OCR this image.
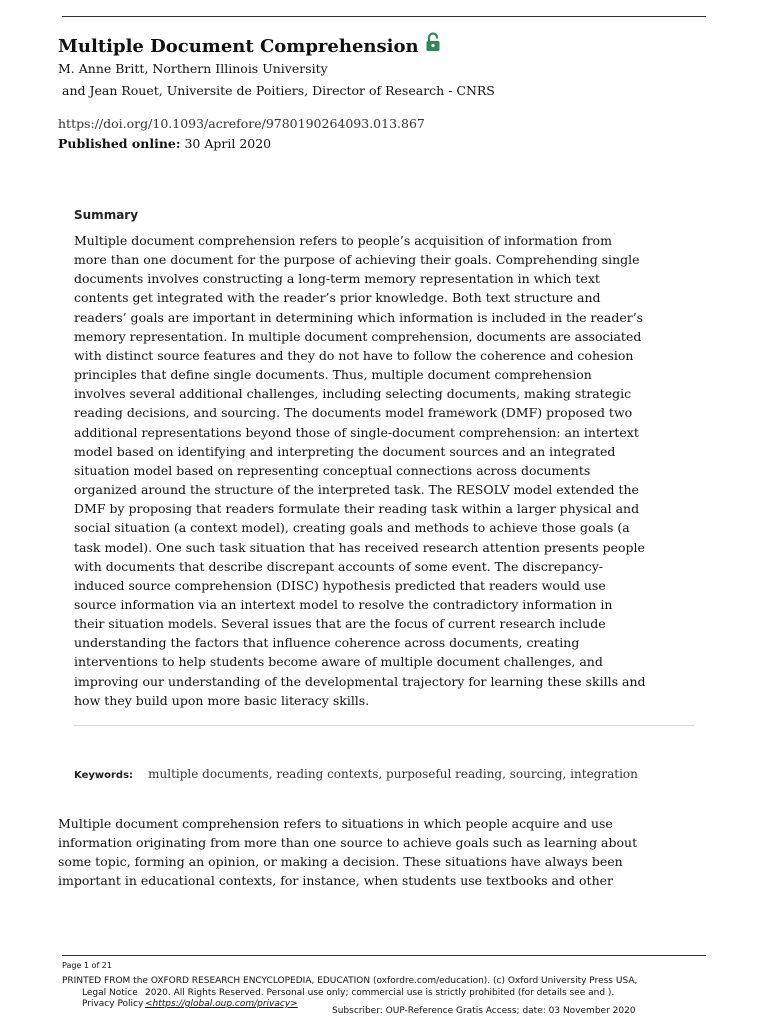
Multiple Document Comprehension
M. Anne Britt, Northern Illinois University
and Jean Rouet, Universite de Poitiers, Director of Research - CNRS
https://doi.org/10.1093/acrefore/9780190264093.013.867
Published online: 30 April 2020
Summary
Multiple document comprehension refers to people’s acquisition of information from
more than one document for the purpose of achieving their goals. Comprehending single
documents involves constructing a long-term memory representation in which text
contents get integrated with the reader’s prior knowledge. Both text structure and
readers’ goals are important in determining which information is included in the reader’s
memory representation. In multiple document comprehension, documents are associated
with distinct source features and they do not have to follow the coherence and cohesion
principles that define single documents. Thus, multiple document comprehension
involves several additional challenges, including selecting documents, making strategic
reading decisions, and sourcing. The documents model framework (DMF) proposed two
additional representations beyond those of single-document comprehension: an intertext
model based on identifying and interpreting the document sources and an integrated
situation model based on representing conceptual connections across documents
organized around the structure of the interpreted task. The RESOLV model extended the
DMF by proposing that readers formulate their reading task within a larger physical and
social situation (a context model), creating goals and methods to achieve those goals (a
task model). One such task situation that has received research attention presents people
with documents that describe discrepant accounts of some event. The discrepancy-
induced source comprehension (DISC) hypothesis predicted that readers would use
source information via an intertext model to resolve the contradictory information in
their situation models. Several issues that are the focus of current research include
understanding the factors that influence coherence across documents, creating
interventions to help students become aware of multiple document challenges, and
improving our understanding of the developmental trajectory for learning these skills and
how they build upon more basic literacy skills.
Keywords: multiple documents, reading contexts, purposeful reading, sourcing, integration
Multiple document comprehension refers to situations in which people acquire and use
information originating from more than one source to achieve goals such as learning about
some topic, forming an opinion, or making a decision. These situations have always been
important in educational contexts, for instance, when students use textbooks and other
Page 1 of 21
PRINTED FROM the OXFORD RESEARCH ENCYCLOPEDIA, EDUCATION (oxfordre.com/education). (c) Oxford University Press USA,
Legal Notice 2020. All Rights Reserved. Personal use only; commercial use is strictly prohibited (for details see and ).
Privacy Policy <https://global.oup.com/privacy>
Subscriber: OUP-Reference Gratis Access; date: 03 November 2020
